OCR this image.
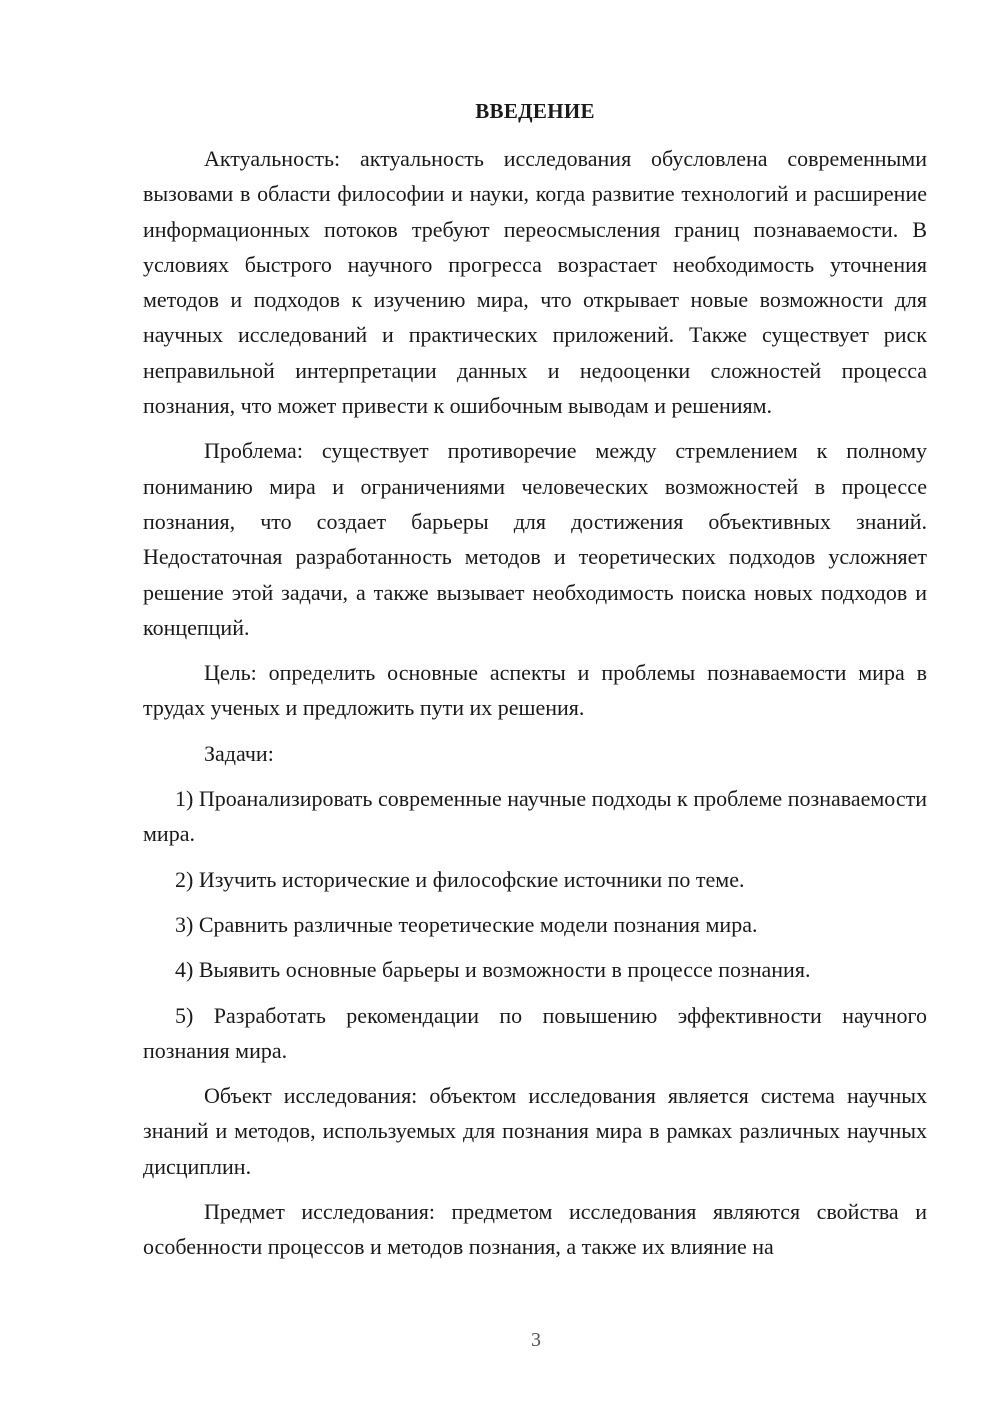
ВВЕДЕНИЕ

Актуальность: актуальность исследования обусловлена современными вызовами в области философии и науки, когда развитие технологий и расширение информационных потоков требуют переосмысления границ познаваемости. В условиях быстрого научного прогресса возрастает необходимость уточнения методов и подходов к изучению мира, что открывает новые возможности для научных исследований и практических приложений. Также существует риск неправильной интерпретации данных и недооценки сложностей процесса познания, что может привести к ошибочным выводам и решениям.

Проблема: существует противоречие между стремлением к полному пониманию мира и ограничениями человеческих возможностей в процессе познания, что создает барьеры для достижения объективных знаний. Недостаточная разработанность методов и теоретических подходов усложняет решение этой задачи, а также вызывает необходимость поиска новых подходов и концепций.

Цель: определить основные аспекты и проблемы познаваемости мира в трудах ученых и предложить пути их решения.

Задачи:

1) Проанализировать современные научные подходы к проблеме познаваемости мира.

2) Изучить исторические и философские источники по теме.

3) Сравнить различные теоретические модели познания мира.

4) Выявить основные барьеры и возможности в процессе познания.

5) Разработать рекомендации по повышению эффективности научного познания мира.

Объект исследования: объектом исследования является система научных знаний и методов, используемых для познания мира в рамках различных научных дисциплин.

Предмет исследования: предметом исследования являются свойства и особенности процессов и методов познания, а также их влияние на

3
